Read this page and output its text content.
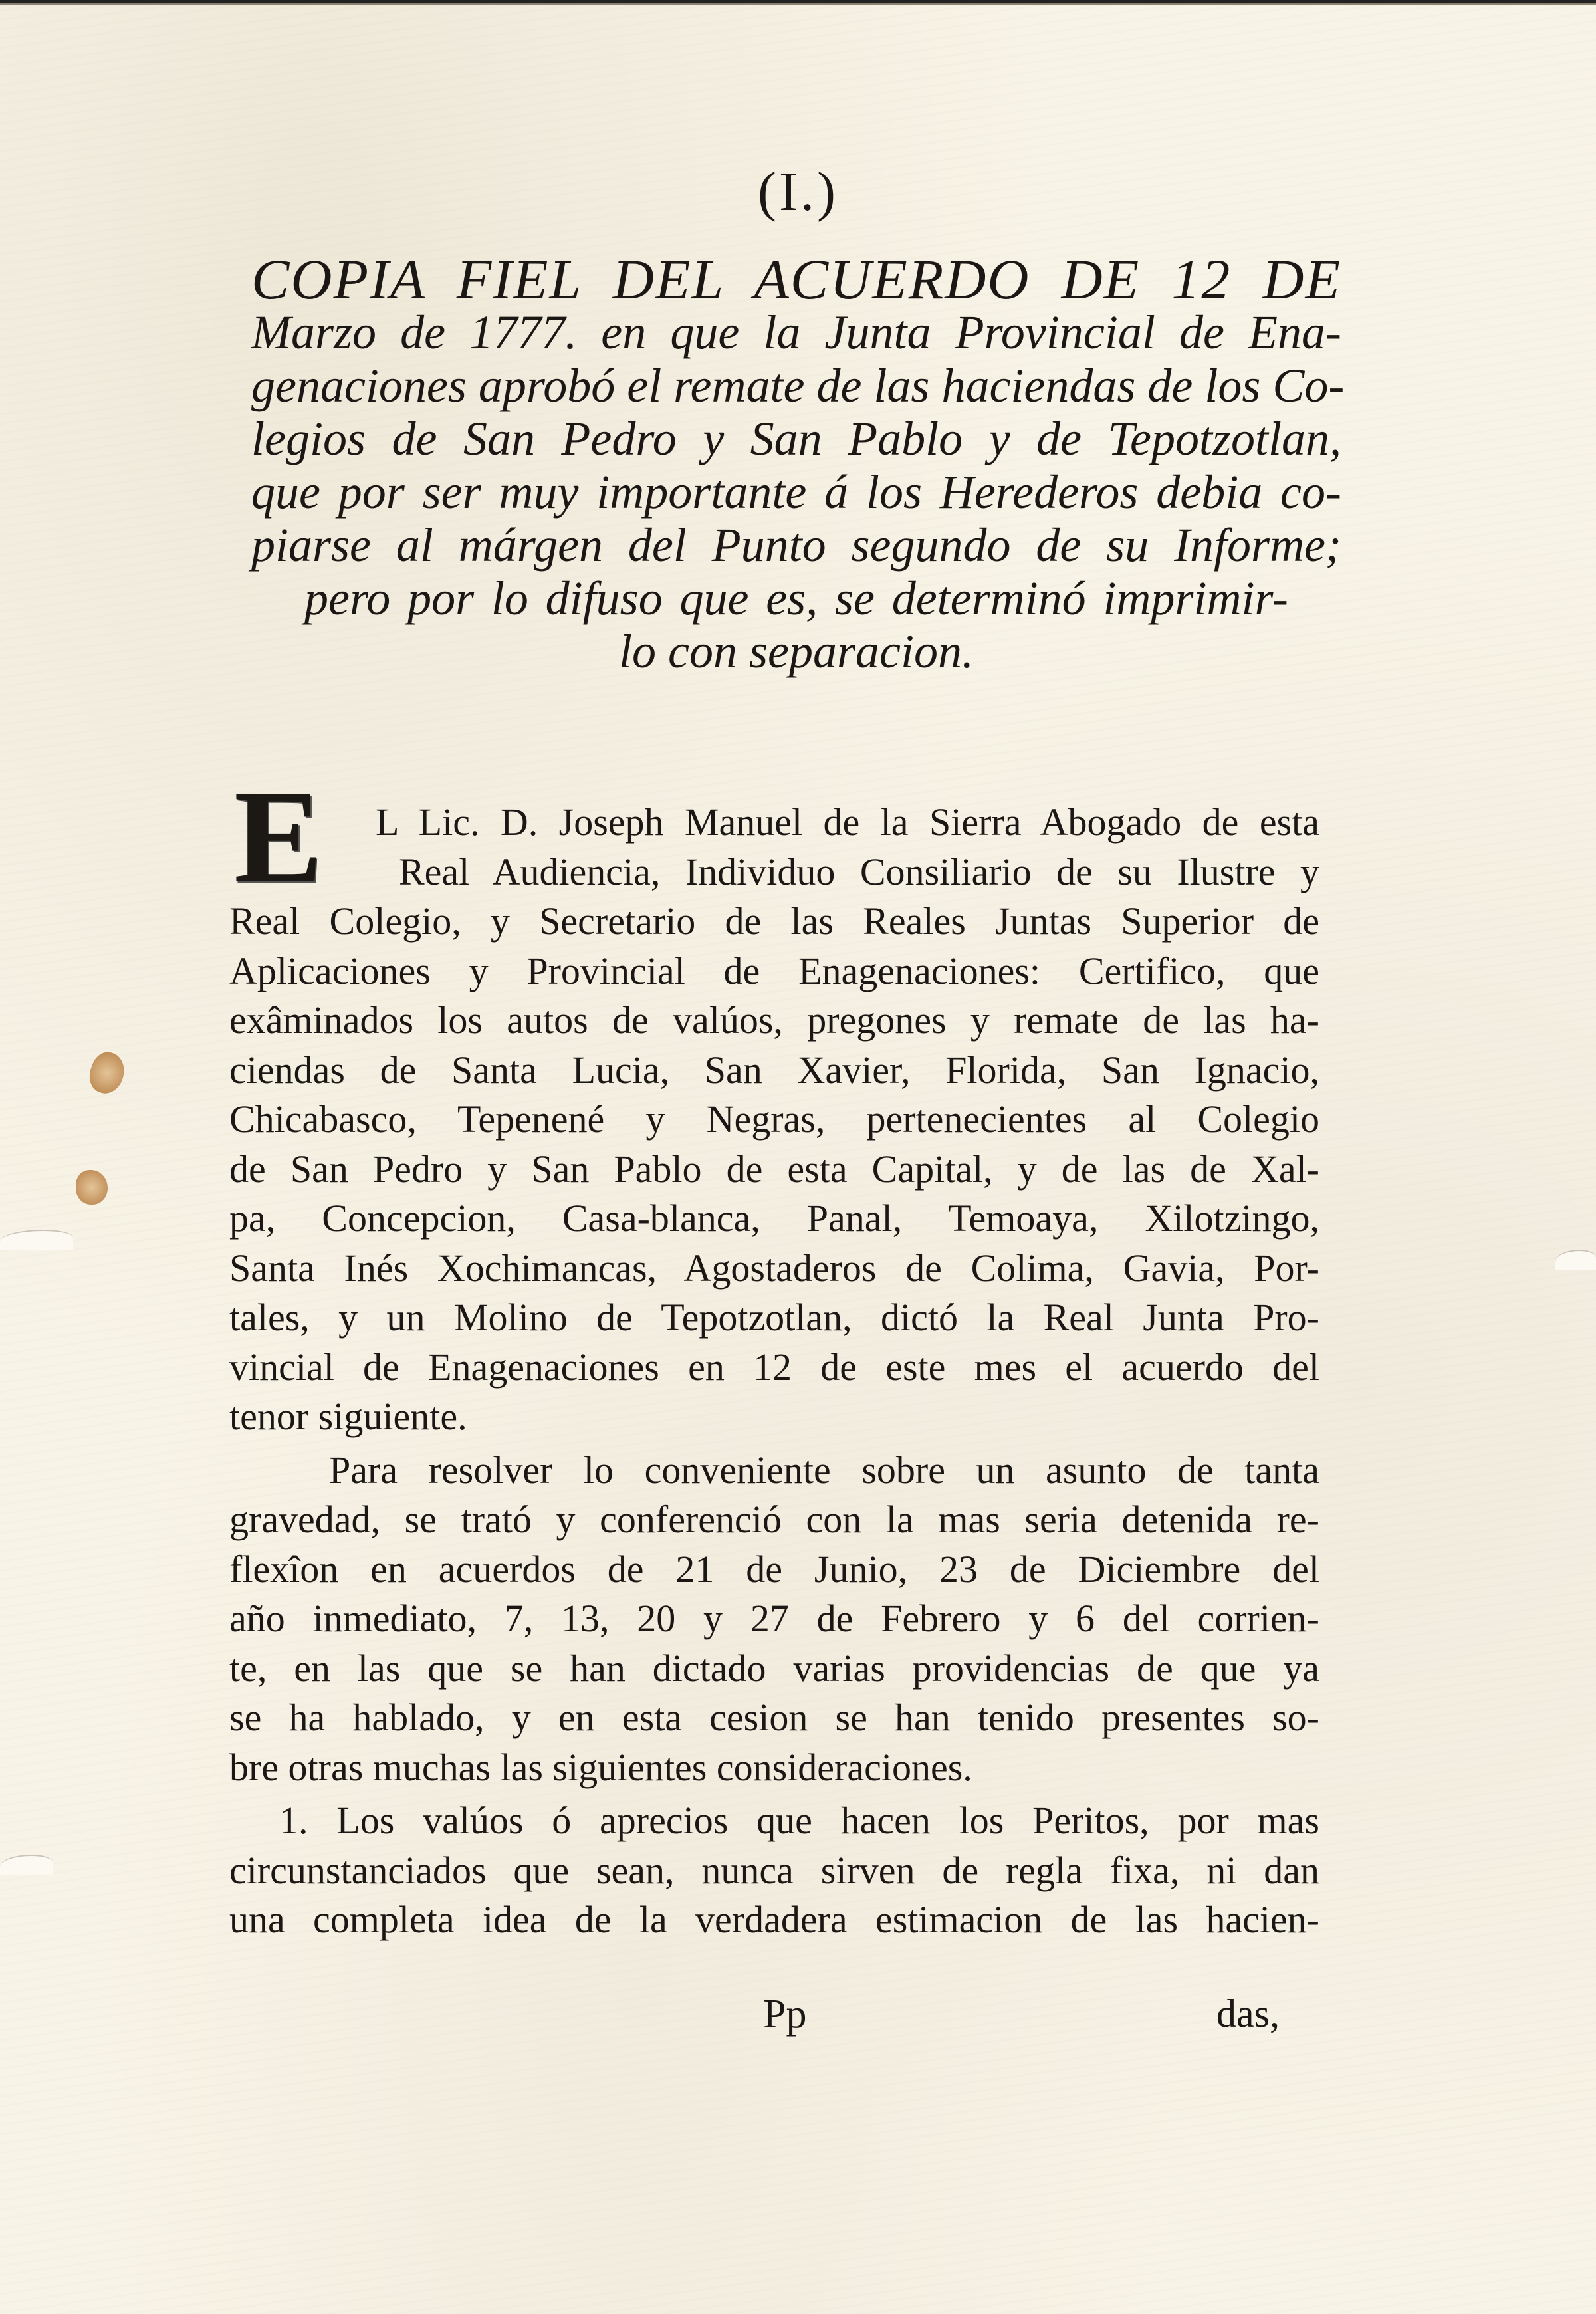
(I.)
COPIA FIEL DEL ACUERDO DE 12 DE
Marzo de 1777. en que la Junta Provincial de Ena-
genaciones aprobó el remate de las haciendas de los Co-
legios de San Pedro y San Pablo y de Tepotzotlan,
que por ser muy importante á los Herederos debia co-
piarse al márgen del Punto segundo de su Informe;
pero por lo difuso que es, se determinó imprimir-
lo con separacion.
E	L Lic. D. Joseph Manuel de la Sierra Abogado de esta
Real Audiencia, Individuo Consiliario de su Ilustre y
Real Colegio, y Secretario de las Reales Juntas Superior de
Aplicaciones y Provincial de Enagenaciones: Certifico, que
exâminados los autos de valúos, pregones y remate de las ha-
ciendas de Santa Lucia, San Xavier, Florida, San Ignacio,
Chicabasco, Tepenené y Negras, pertenecientes al Colegio
de San Pedro y San Pablo de esta Capital, y de las de Xal-
pa, Concepcion, Casa-blanca, Panal, Temoaya, Xilotzingo,
Santa Inés Xochimancas, Agostaderos de Colima, Gavia, Por-
tales, y un Molino de Tepotzotlan, dictó la Real Junta Pro-
vincial de Enagenaciones en 12 de este mes el acuerdo del
tenor siguiente.
Para resolver lo conveniente sobre un asunto de tanta
gravedad, se trató y conferenció con la mas seria detenida re-
flexîon en acuerdos de 21 de Junio, 23 de Diciembre del
año inmediato, 7, 13, 20 y 27 de Febrero y 6 del corrien-
te, en las que se han dictado varias providencias de que ya
se ha hablado, y en esta cesion se han tenido presentes so-
bre otras muchas las siguientes consideraciones.
1. Los valúos ó aprecios que hacen los Peritos, por mas
circunstanciados que sean, nunca sirven de regla fixa, ni dan
una completa idea de la verdadera estimacion de las hacien-
Pp	das,
